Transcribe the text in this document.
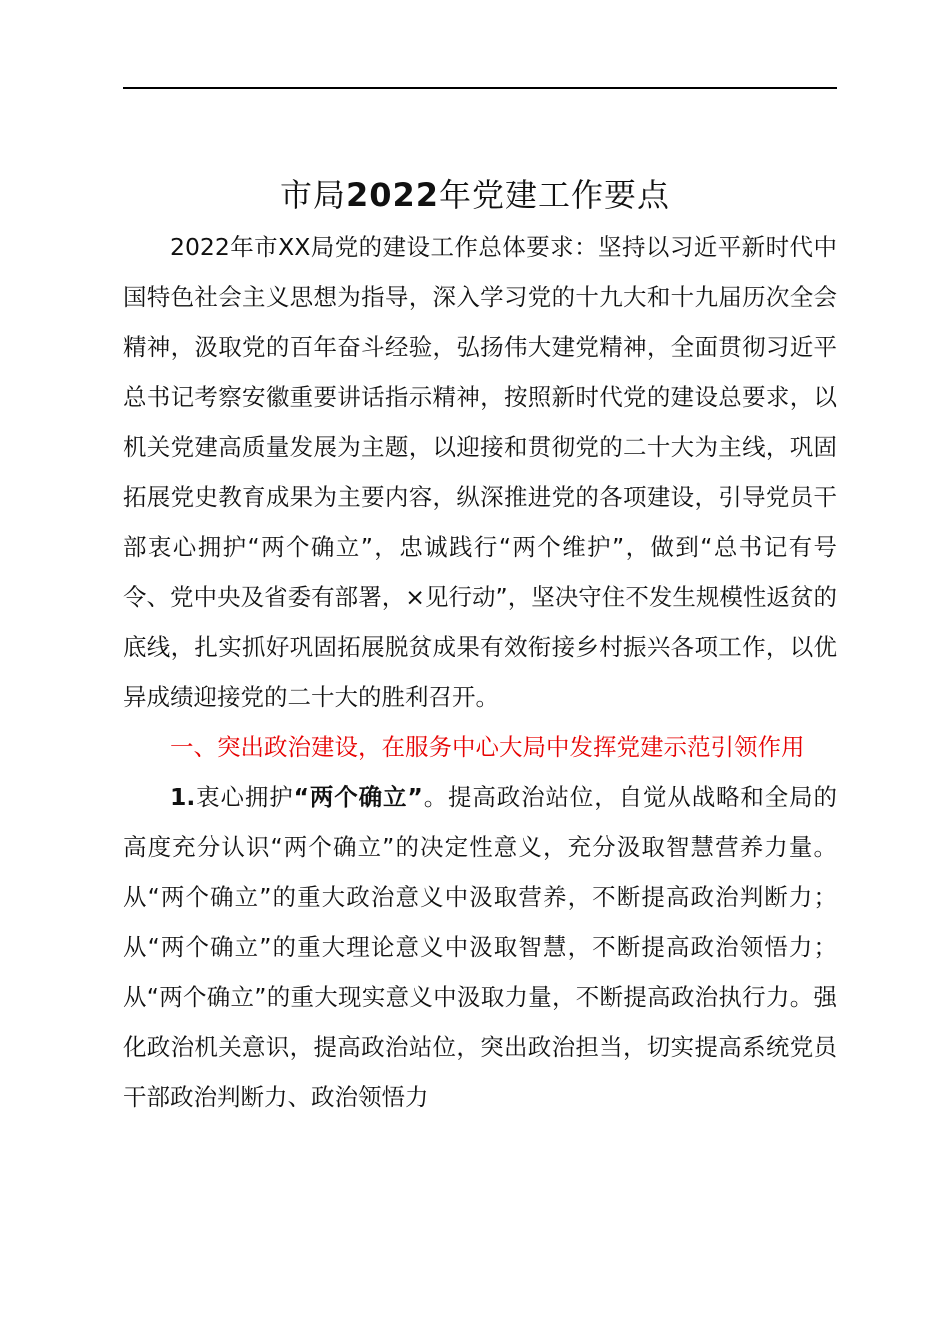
市局2022年党建工作要点

2022年市XX局党的建设工作总体要求：坚持以习近平新时代中国特色社会主义思想为指导，深入学习党的十九大和十九届历次全会精神，汲取党的百年奋斗经验，弘扬伟大建党精神，全面贯彻习近平总书记考察安徽重要讲话指示精神，按照新时代党的建设总要求，以机关党建高质量发展为主题，以迎接和贯彻党的二十大为主线，巩固拓展党史教育成果为主要内容，纵深推进党的各项建设，引导党员干部衷心拥护“两个确立”，忠诚践行“两个维护”，做到“总书记有号令、党中央及省委有部署，×见行动”，坚决守住不发生规模性返贫的底线，扎实抓好巩固拓展脱贫成果有效衔接乡村振兴各项工作，以优异成绩迎接党的二十大的胜利召开。

一、突出政治建设，在服务中心大局中发挥党建示范引领作用

1.衷心拥护“两个确立”。提高政治站位，自觉从战略和全局的高度充分认识“两个确立”的决定性意义，充分汲取智慧营养力量。从“两个确立”的重大政治意义中汲取营养，不断提高政治判断力；从“两个确立”的重大理论意义中汲取智慧，不断提高政治领悟力；从“两个确立”的重大现实意义中汲取力量，不断提高政治执行力。强化政治机关意识，提高政治站位，突出政治担当，切实提高系统党员干部政治判断力、政治领悟力
